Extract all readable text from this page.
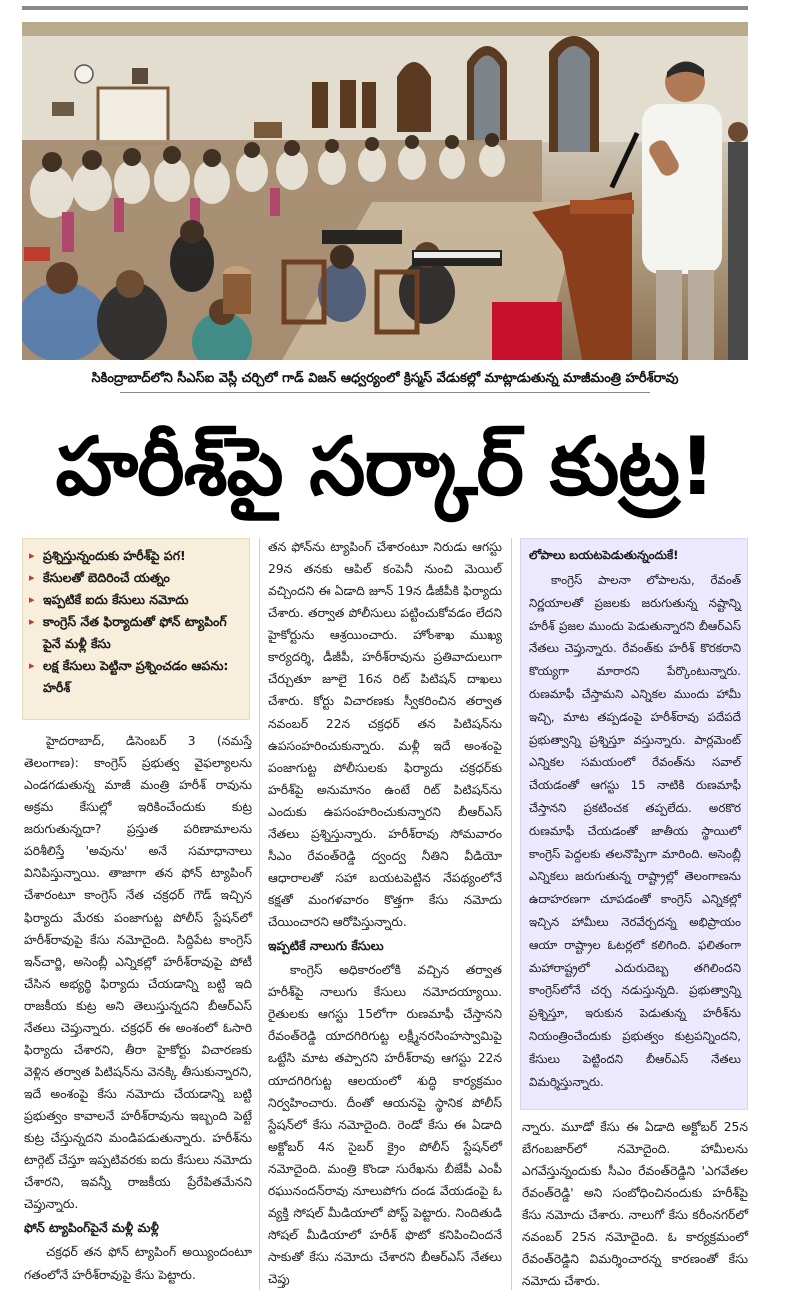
సికింద్రాబాద్‌లోని సీఎస్‌ఐ వెస్లీ చర్చిలో గాడ్ విజన్ ఆధ్వర్యంలో క్రిస్మస్ వేడుకల్లో మాట్లాడుతున్న మాజీమంత్రి హరీశ్‌రావు
హరీశ్‌పై సర్కార్ కుట్ర!
▸ ప్రశ్నిస్తున్నందుకు హరీశ్‌పై పగ!
▸ కేసులతో బెదిరించే యత్నం
▸ ఇప్పటికే ఐదు కేసులు నమోదు
▸ కాంగ్రెస్ నేత ఫిర్యాదుతో ఫోన్ ట్యాపింగ్ పైనే మళ్లీ కేసు
▸ లక్ష కేసులు పెట్టినా ప్రశ్నించడం ఆపను: హరీశ్

హైదరాబాద్, డిసెంబర్ 3 (నమస్తే తెలంగాణ): కాంగ్రెస్ ప్రభుత్వ వైఫల్యాలను ఎండగడుతున్న మాజీ మంత్రి హరీశ్ రావును అక్రమ కేసుల్లో ఇరికించేందుకు కుట్ర జరుగుతున్నదా? ప్రస్తుత పరిణామాలను పరిశీలిస్తే 'అవును' అనే సమాధానాలు వినిపిస్తున్నాయి. తాజాగా తన ఫోన్ ట్యాపింగ్ చేశారంటూ కాంగ్రెస్ నేత చక్రధర్ గౌడ్ ఇచ్చిన ఫిర్యాదు మేరకు పంజాగుట్ట పోలీస్ స్టేషన్‌లో హరీశ్‌రావుపై కేసు నమోదైంది. సిద్దిపేట కాంగ్రెస్ ఇన్‌చార్జి, అసెంబ్లీ ఎన్నికల్లో హరీశ్‌రావుపై పోటీ చేసిన అభ్యర్థి ఫిర్యాదు చేయడాన్ని బట్టి ఇది రాజకీయ కుట్ర అని తెలుస్తున్నదని బీఆర్‌ఎస్ నేతలు చెప్తున్నారు. చక్రధర్ ఈ అంశంలో ఓసారి ఫిర్యాదు చేశారని, తీరా హైకోర్టు విచారణకు వెళ్లిన తర్వాత పిటిషన్‌ను వెనక్కి తీసుకున్నారని, ఇదే అంశంపై కేసు నమోదు చేయడాన్ని బట్టి ప్రభుత్వం కావాలనే హరీశ్‌రావును ఇబ్బంది పెట్టే కుట్ర చేస్తున్నదని మండిపడుతున్నారు. హరీశ్‌ను టార్గెట్ చేస్తూ ఇప్పటివరకు ఐదు కేసులు నమోదు చేశారని, ఇవన్నీ రాజకీయ ప్రేరేపితమేనని చెప్తున్నారు.

ఫోన్ ట్యాపింగ్‌పైనే మళ్లీ మళ్లీ

చక్రధర్ తన ఫోన్ ట్యాపింగ్ అయ్యిందంటూ గతంలోనే హరీశ్‌రావుపై కేసు పెట్టారు.

తన ఫోన్‌ను ట్యాపింగ్ చేశారంటూ నిరుడు ఆగస్టు 29న తనకు ఆపిల్ కంపెనీ నుంచి మెయిల్ వచ్చిందని ఈ ఏడాది జూన్ 19న డీజీపీకి ఫిర్యాదు చేశారు. తర్వాత పోలీసులు పట్టించుకోవడం లేదని హైకోర్టును ఆశ్రయించారు. హోంశాఖ ముఖ్య కార్యదర్శి, డీజీపీ, హరీశ్‌రావును ప్రతివాదులుగా చేర్చుతూ జూలై 16న రిట్ పిటిషన్ దాఖలు చేశారు. కోర్టు విచారణకు స్వీకరించిన తర్వాత నవంబర్ 22న చక్రధర్ తన పిటిషన్‌ను ఉపసంహరించుకున్నారు. మళ్లీ ఇదే అంశంపై పంజాగుట్ట పోలీసులకు ఫిర్యాదు చక్రధర్‌కు హరీశ్‌పై అనుమానం ఉంటే రిట్ పిటిషన్‌ను ఎందుకు ఉపసంహరించుకున్నారని బీఆర్‌ఎస్ నేతలు ప్రశ్నిస్తున్నారు. హరీశ్‌రావు సోమవారం సీఎం రేవంత్‌రెడ్డి ద్వంద్వ నీతిని వీడియో ఆధారాలతో సహా బయటపెట్టిన నేపథ్యంలోనే కక్షతో మంగళవారం కొత్తగా కేసు నమోదు చేయించారని ఆరోపిస్తున్నారు.

ఇప్పటికే నాలుగు కేసులు

కాంగ్రెస్ అధికారంలోకి వచ్చిన తర్వాత హరీశ్‌పై నాలుగు కేసులు నమోదయ్యాయి. రైతులకు ఆగస్టు 15లోగా రుణమాఫీ చేస్తానని రేవంత్‌రెడ్డి యాదగిరిగుట్ట లక్ష్మీనరసింహస్వామిపై ఒట్టేసి మాట తప్పారని హరీశ్‌రావు ఆగస్టు 22న యాదగిరిగుట్ట ఆలయంలో శుద్ధి కార్యక్రమం నిర్వహించారు. దీంతో ఆయనపై స్థానిక పోలీస్ స్టేషన్‌లో కేసు నమోదైంది. రెండో కేసు ఈ ఏడాది అక్టోబర్ 4న సైబర్ క్రైం పోలీస్ స్టేషన్‌లో నమోదైంది. మంత్రి కొండా సురేఖను బీజేపీ ఎంపీ రఘునందన్‌రావు నూలుపోగు దండ వేయడంపై ఓ వ్యక్తి సోషల్ మీడియాలో పోస్ట్ పెట్టారు. నిందితుడి సోషల్ మీడియాలో హరీశ్ ఫొటో కనిపించిందనే సాకుతో కేసు నమోదు చేశారని బీఆర్‌ఎస్ నేతలు చెప్తు

లోపాలు బయటపెడుతున్నందుకే!

కాంగ్రెస్ పాలనా లోపాలను, రేవంత్ నిర్ణయాలతో ప్రజలకు జరుగుతున్న నష్టాన్ని హరీశ్ ప్రజల ముందు పెడుతున్నారని బీఆర్‌ఎస్ నేతలు చెప్తున్నారు. రేవంత్‌కు హరీశ్ కొరకరాని కొయ్యగా మారారని పేర్కొంటున్నారు. రుణమాఫీ చేస్తామని ఎన్నికల ముందు హామీ ఇచ్చి, మాట తప్పడంపై హరీశ్‌రావు పదేపదే ప్రభుత్వాన్ని ప్రశ్నిస్తూ వస్తున్నారు. పార్లమెంట్ ఎన్నికల సమయంలో రేవంత్‌ను సవాల్ చేయడంతో ఆగస్టు 15 నాటికి రుణమాఫీ చేస్తానని ప్రకటించక తప్పలేదు. అరకొర రుణమాఫీ చేయడంతో జాతీయ స్థాయిలో కాంగ్రెస్ పెద్దలకు తలనొప్పిగా మారింది. అసెంబ్లీ ఎన్నికలు జరుగుతున్న రాష్ట్రాల్లో తెలంగాణను ఉదాహరణగా చూపడంతో కాంగ్రెస్ ఎన్నికల్లో ఇచ్చిన హామీలు నెరవేర్చదన్న అభిప్రాయం ఆయా రాష్ట్రాల ఓటర్లలో కలిగింది. ఫలితంగా మహారాష్ట్రలో ఎదురుదెబ్బ తగిలిందని కాంగ్రెస్‌లోనే చర్చ నడుస్తున్నది. ప్రభుత్వాన్ని ప్రశ్నిస్తూ, ఇరుకున పెడుతున్న హరీశ్‌ను నియంత్రించేందుకు ప్రభుత్వం కుట్రపన్నిందని, కేసులు పెట్టిందని బీఆర్‌ఎస్ నేతలు విమర్శిస్తున్నారు.

న్నారు. మూడో కేసు ఈ ఏడాది అక్టోబర్ 25న బేగంబజార్‌లో నమోదైంది. హామీలను ఎగవేస్తున్నందుకు సీఎం రేవంత్‌రెడ్డిని 'ఎగవేతల రేవంత్‌రెడ్డి' అని సంబోధించినందుకు హరీశ్‌పై కేసు నమోదు చేశారు. నాలుగో కేసు కరీంనగర్‌లో నవంబర్ 25న నమోదైంది. ఓ కార్యక్రమంలో రేవంత్‌రెడ్డిని విమర్శించారన్న కారణంతో కేసు నమోదు చేశారు.
